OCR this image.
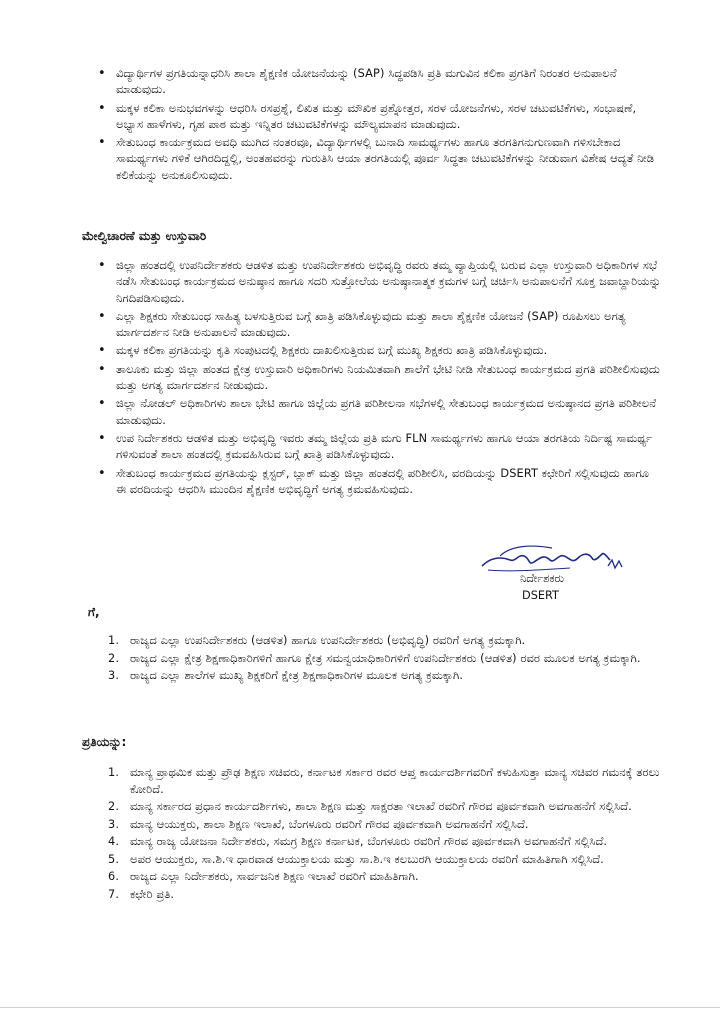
• ವಿದ್ಯಾರ್ಥಿಗಳ ಪ್ರಗತಿಯನ್ನಾಧರಿಸಿ ಶಾಲಾ ಶೈಕ್ಷಣಿಕ ಯೋಜನೆಯನ್ನು (SAP) ಸಿದ್ಧಪಡಿಸಿ ಪ್ರತಿ ಮಗುವಿನ ಕಲಿಕಾ ಪ್ರಗತಿಗೆ ನಿರಂತರ ಅನುಪಾಲನೆ ಮಾಡುವುದು.
• ಮಕ್ಕಳ ಕಲಿಕಾ ಅನುಭವಗಳನ್ನು ಆಧರಿಸಿ ರಸಪ್ರಶ್ನೆ, ಲಿಖಿತ ಮತ್ತು ಮೌಖಿಕ ಪ್ರಶ್ನೋತ್ತರ, ಸರಳ ಯೋಜನೆಗಳು, ಸರಳ ಚಟುವಟಿಕೆಗಳು, ಸಂಭಾಷಣೆ, ಅಭ್ಯಾಸ ಹಾಳೆಗಳು, ಗೃಹ ಪಾಠ ಮತ್ತು ಇನ್ನಿತರ ಚಟುವಟಿಕೆಗಳನ್ನು ಮೌಲ್ಯಮಾಪನ ಮಾಡುವುದು.
• ಸೇತುಬಂಧ ಕಾರ್ಯಕ್ರಮದ ಅವಧಿ ಮುಗಿದ ನಂತರವೂ, ವಿದ್ಯಾರ್ಥಿಗಳಲ್ಲಿ ಬುನಾದಿ ಸಾಮರ್ಥ್ಯಗಳು ಹಾಗೂ ತರಗತಿಗನುಗುಣವಾಗಿ ಗಳಿಸಬೇಕಾದ ಸಾಮರ್ಥ್ಯಗಳು ಗಳಿಕೆ ಆಗಿರದಿದ್ದಲ್ಲಿ, ಅಂತಹವರನ್ನು ಗುರುತಿಸಿ ಆಯಾ ತರಗತಿಯಲ್ಲಿ ಪೂರ್ವ ಸಿದ್ಧತಾ ಚಟುವಟಿಕೆಗಳನ್ನು ನೀಡುವಾಗ ವಿಶೇಷ ಆದ್ಯತೆ ನೀಡಿ ಕಲಿಕೆಯನ್ನು ಅನುಕೂಲಿಸುವುದು.
ಮೇಲ್ವಿಚಾರಣೆ ಮತ್ತು ಉಸ್ತುವಾರಿ
• ಜಿಲ್ಲಾ ಹಂತದಲ್ಲಿ ಉಪನಿರ್ದೇಶಕರು ಆಡಳಿತ ಮತ್ತು ಉಪನಿರ್ದೇಶಕರು ಅಭಿವೃದ್ಧಿ ರವರು ತಮ್ಮ ವ್ಯಾಪ್ತಿಯಲ್ಲಿ ಬರುವ ಎಲ್ಲಾ ಉಸ್ತುವಾರಿ ಅಧಿಕಾರಿಗಳ ಸಭೆ ನಡೆಸಿ ಸೇತುಬಂಧ ಕಾರ್ಯಕ್ರಮದ ಅನುಷ್ಠಾನ ಹಾಗೂ ಸದರಿ ಸುತ್ತೋಲೆಯ ಅನುಷ್ಠಾನಾತ್ಮಕ ಕ್ರಮಗಳ ಬಗ್ಗೆ ಚರ್ಚಿಸಿ ಅನುಪಾಲನೆಗೆ ಸೂಕ್ತ ಜವಾಬ್ದಾರಿಯನ್ನು ನಿಗದಿಪಡಿಸುವುದು.
• ಎಲ್ಲಾ ಶಿಕ್ಷಕರು ಸೇತುಬಂಧ ಸಾಹಿತ್ಯ ಬಳಸುತ್ತಿರುವ ಬಗ್ಗೆ ಖಾತ್ರಿ ಪಡಿಸಿಕೊಳ್ಳುವುದು ಮತ್ತು ಶಾಲಾ ಶೈಕ್ಷಣಿಕ ಯೋಜನೆ (SAP) ರೂಪಿಸಲು ಅಗತ್ಯ ಮಾರ್ಗದರ್ಶನ ನೀಡಿ ಅನುಪಾಲನೆ ಮಾಡುವುದು.
• ಮಕ್ಕಳ ಕಲಿಕಾ ಪ್ರಗತಿಯನ್ನು ಕೃತಿ ಸಂಪುಟದಲ್ಲಿ ಶಿಕ್ಷಕರು ದಾಖಲಿಸುತ್ತಿರುವ ಬಗ್ಗೆ ಮುಖ್ಯ ಶಿಕ್ಷಕರು ಖಾತ್ರಿ ಪಡಿಸಿಕೊಳ್ಳುವುದು.
• ತಾಲೂಕು ಮತ್ತು ಜಿಲ್ಲಾ ಹಂತದ ಕ್ಷೇತ್ರ ಉಸ್ತುವಾರಿ ಅಧಿಕಾರಿಗಳು ನಿಯಮಿತವಾಗಿ ಶಾಲೆಗೆ ಭೇಟಿ ನೀಡಿ ಸೇತುಬಂಧ ಕಾರ್ಯಕ್ರಮದ ಪ್ರಗತಿ ಪರಿಶೀಲಿಸುವುದು ಮತ್ತು ಅಗತ್ಯ ಮಾರ್ಗದರ್ಶನ ನೀಡುವುದು.
• ಜಿಲ್ಲಾ ನೋಡಲ್ ಅಧಿಕಾರಿಗಳು ಶಾಲಾ ಭೇಟಿ ಹಾಗೂ ಜಿಲ್ಲೆಯ ಪ್ರಗತಿ ಪರಿಶೀಲನಾ ಸಭೆಗಳಲ್ಲಿ ಸೇತುಬಂಧ ಕಾರ್ಯಕ್ರಮದ ಅನುಷ್ಠಾನದ ಪ್ರಗತಿ ಪರಿಶೀಲನೆ ಮಾಡುವುದು.
• ಉಪ ನಿರ್ದೇಶಕರು ಆಡಳಿತ ಮತ್ತು ಅಭಿವೃದ್ಧಿ ಇವರು ತಮ್ಮ ಜಿಲ್ಲೆಯ ಪ್ರತಿ ಮಗು FLN ಸಾಮರ್ಥ್ಯಗಳು ಹಾಗೂ ಆಯಾ ತರಗತಿಯ ನಿರ್ದಿಷ್ಟ ಸಾಮರ್ಥ್ಯ ಗಳಿಸುವಂತೆ ಶಾಲಾ ಹಂತದಲ್ಲಿ ಕ್ರಮವಹಿಸಿರುವ ಬಗ್ಗೆ ಖಾತ್ರಿ ಪಡಿಸಿಕೊಳ್ಳುವುದು.
• ಸೇತುಬಂಧ ಕಾರ್ಯಕ್ರಮದ ಪ್ರಗತಿಯನ್ನು ಕ್ಲಸ್ಟರ್, ಬ್ಲಾಕ್ ಮತ್ತು ಜಿಲ್ಲಾ ಹಂತದಲ್ಲಿ ಪರಿಶೀಲಿಸಿ, ವರದಿಯನ್ನು DSERT ಕಛೇರಿಗೆ ಸಲ್ಲಿಸುವುದು ಹಾಗೂ ಈ ವರದಿಯನ್ನು ಆಧರಿಸಿ ಮುಂದಿನ ಶೈಕ್ಷಣಿಕ ಅಭಿವೃದ್ಧಿಗೆ ಅಗತ್ಯ ಕ್ರಮವಹಿಸುವುದು.
ನಿರ್ದೇಶಕರು
DSERT
ಗೆ,
1. ರಾಜ್ಯದ ಎಲ್ಲಾ ಉಪನಿರ್ದೇಶಕರು (ಆಡಳಿತ) ಹಾಗೂ ಉಪನಿರ್ದೇಶಕರು (ಅಭಿವೃದ್ಧಿ) ರವರಿಗೆ ಅಗತ್ಯ ಕ್ರಮಕ್ಕಾಗಿ.
2. ರಾಜ್ಯದ ಎಲ್ಲಾ ಕ್ಷೇತ್ರ ಶಿಕ್ಷಣಾಧಿಕಾರಿಗಳಿಗೆ ಹಾಗೂ ಕ್ಷೇತ್ರ ಸಮನ್ವಯಾಧಿಕಾರಿಗಳಿಗೆ ಉಪನಿರ್ದೇಶಕರು (ಆಡಳಿತ) ರವರ ಮೂಲಕ ಅಗತ್ಯ ಕ್ರಮಕ್ಕಾಗಿ.
3. ರಾಜ್ಯದ ಎಲ್ಲಾ ಶಾಲೆಗಳ ಮುಖ್ಯ ಶಿಕ್ಷಕರಿಗೆ ಕ್ಷೇತ್ರ ಶಿಕ್ಷಣಾಧಿಕಾರಿಗಳ ಮೂಲಕ ಅಗತ್ಯ ಕ್ರಮಕ್ಕಾಗಿ.
ಪ್ರತಿಯನ್ನು:
1. ಮಾನ್ಯ ಪ್ರಾಥಮಿಕ ಮತ್ತು ಪ್ರೌಢ ಶಿಕ್ಷಣ ಸಚಿವರು, ಕರ್ನಾಟಕ ಸರ್ಕಾರ ರವರ ಆಪ್ತ ಕಾರ್ಯದರ್ಶಿಗವರಿಗೆ ಕಳುಹಿಸುತ್ತಾ ಮಾನ್ಯ ಸಚಿವರ ಗಮನಕ್ಕೆ ತರಲು ಕೋರಿದೆ.
2. ಮಾನ್ಯ ಸರ್ಕಾರದ ಪ್ರಧಾನ ಕಾರ್ಯದರ್ಶಿಗಳು, ಶಾಲಾ ಶಿಕ್ಷಣ ಮತ್ತು ಸಾಕ್ಷರತಾ ಇಲಾಖೆ ರವರಿಗೆ ಗೌರವ ಪೂರ್ವಕವಾಗಿ ಅವಗಾಹನೆಗೆ ಸಲ್ಲಿಸಿದೆ.
3. ಮಾನ್ಯ ಆಯುಕ್ತರು, ಶಾಲಾ ಶಿಕ್ಷಣ ಇಲಾಖೆ, ಬೆಂಗಳೂರು ರವರಿಗೆ ಗೌರವ ಪೂರ್ವಕವಾಗಿ ಅವಗಾಹನೆಗೆ ಸಲ್ಲಿಸಿದೆ.
4. ಮಾನ್ಯ ರಾಜ್ಯ ಯೋಜನಾ ನಿರ್ದೇಶಕರು, ಸಮಗ್ರ ಶಿಕ್ಷಣ ಕರ್ನಾಟಕ, ಬೆಂಗಳೂರು ರವರಿಗೆ ಗೌರವ ಪೂರ್ವಕವಾಗಿ ಅವಗಾಹನೆಗೆ ಸಲ್ಲಿಸಿದೆ.
5. ಅಪರ ಆಯುಕ್ತರು, ಸಾ.ಶಿ.ಇ ಧಾರವಾಡ ಆಯುಕ್ತಾಲಯ ಮತ್ತು ಸಾ.ಶಿ.ಇ ಕಲಬುರಗಿ ಆಯುಕ್ತಾಲಯ ರವರಿಗೆ ಮಾಹಿತಿಗಾಗಿ ಸಲ್ಲಿಸಿದೆ.
6. ರಾಜ್ಯದ ಎಲ್ಲಾ ನಿರ್ದೇಶಕರು, ಸಾರ್ವಜನಿಕ ಶಿಕ್ಷಣ ಇಲಾಖೆ ರವರಿಗೆ ಮಾಹಿತಿಗಾಗಿ.
7. ಕಛೇರಿ ಪ್ರತಿ.
